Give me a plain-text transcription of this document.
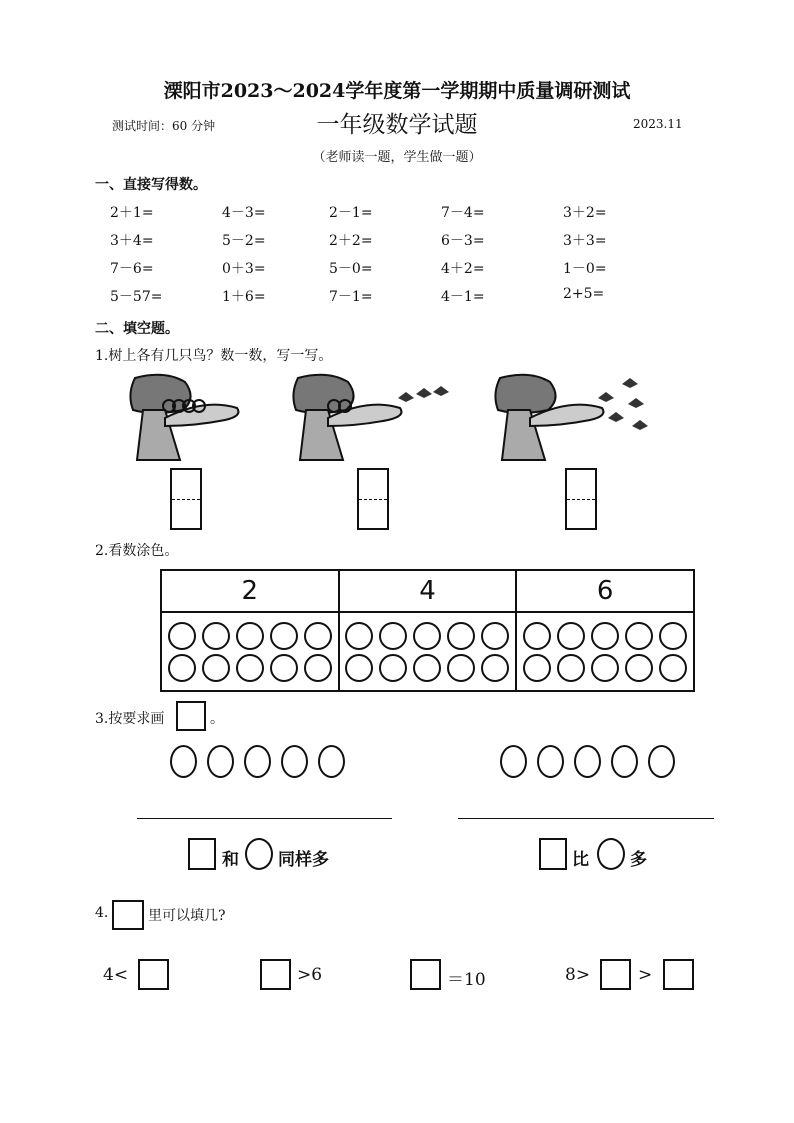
溧阳市2023～2024学年度第一学期期中质量调研测试
测试时间：60 分钟	一年级数学试题	2023.11
（老师读一题，学生做一题）
一、直接写得数。
2＋1=	4－3=	2－1=	7－4=	3＋2=
3＋4=	5－2=	2＋2=	6－3=	3＋3=
7－6=	0＋3=	5－0=	4＋2=	1－0=
5－57=	1＋6=	7－1=	4－1=	2+5=
二、填空题。
1.树上各有几只鸟？数一数，写一写。
2.看数涂色。
2	4	6

3.按要求画	。
和 同样多	比 多
4.	里可以填几?
4<	>6	＝10	8>	>
